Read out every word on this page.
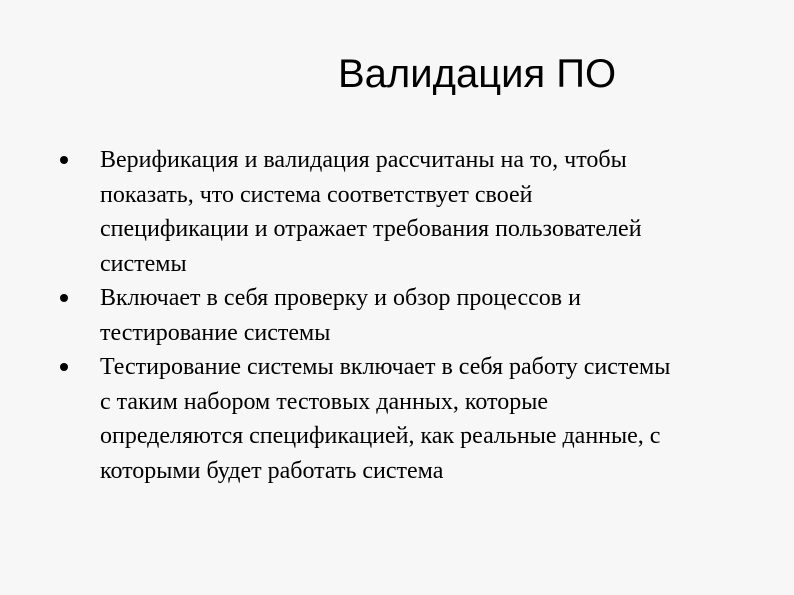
Валидация ПО
Верификация и валидация рассчитаны на то, чтобы
показать, что система соответствует своей
спецификации и отражает требования пользователей
системы
Включает в себя проверку и обзор процессов и
тестирование системы
Тестирование системы включает в себя работу системы
с таким набором тестовых данных, которые
определяются спецификацией, как реальные данные, с
которыми будет работать система
